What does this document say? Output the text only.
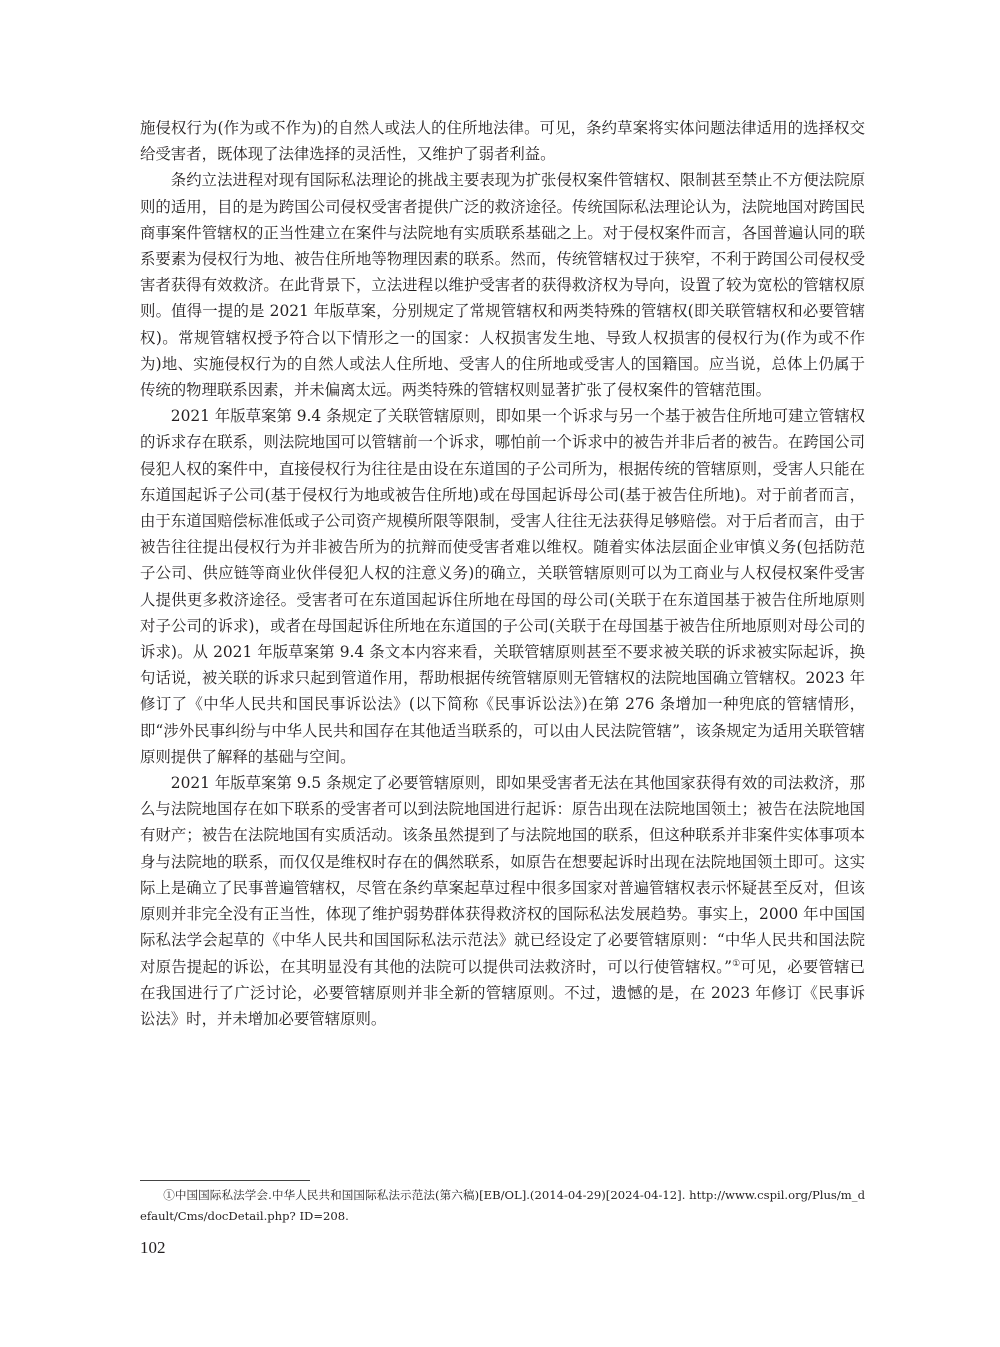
施侵权行为(作为或不作为)的自然人或法人的住所地法律。可见，条约草案将实体问题法律适用的选择权交给受害者，既体现了法律选择的灵活性，又维护了弱者利益。

条约立法进程对现有国际私法理论的挑战主要表现为扩张侵权案件管辖权、限制甚至禁止不方便法院原则的适用，目的是为跨国公司侵权受害者提供广泛的救济途径。传统国际私法理论认为，法院地国对跨国民商事案件管辖权的正当性建立在案件与法院地有实质联系基础之上。对于侵权案件而言，各国普遍认同的联系要素为侵权行为地、被告住所地等物理因素的联系。然而，传统管辖权过于狭窄，不利于跨国公司侵权受害者获得有效救济。在此背景下，立法进程以维护受害者的获得救济权为导向，设置了较为宽松的管辖权原则。值得一提的是 2021 年版草案，分别规定了常规管辖权和两类特殊的管辖权(即关联管辖权和必要管辖权)。常规管辖权授予符合以下情形之一的国家：人权损害发生地、导致人权损害的侵权行为(作为或不作为)地、实施侵权行为的自然人或法人住所地、受害人的住所地或受害人的国籍国。应当说，总体上仍属于传统的物理联系因素，并未偏离太远。两类特殊的管辖权则显著扩张了侵权案件的管辖范围。

2021 年版草案第 9.4 条规定了关联管辖原则，即如果一个诉求与另一个基于被告住所地可建立管辖权的诉求存在联系，则法院地国可以管辖前一个诉求，哪怕前一个诉求中的被告并非后者的被告。在跨国公司侵犯人权的案件中，直接侵权行为往往是由设在东道国的子公司所为，根据传统的管辖原则，受害人只能在东道国起诉子公司(基于侵权行为地或被告住所地)或在母国起诉母公司(基于被告住所地)。对于前者而言，由于东道国赔偿标准低或子公司资产规模所限等限制，受害人往往无法获得足够赔偿。对于后者而言，由于被告往往提出侵权行为并非被告所为的抗辩而使受害者难以维权。随着实体法层面企业审慎义务(包括防范子公司、供应链等商业伙伴侵犯人权的注意义务)的确立，关联管辖原则可以为工商业与人权侵权案件受害人提供更多救济途径。受害者可在东道国起诉住所地在母国的母公司(关联于在东道国基于被告住所地原则对子公司的诉求)，或者在母国起诉住所地在东道国的子公司(关联于在母国基于被告住所地原则对母公司的诉求)。从 2021 年版草案第 9.4 条文本内容来看，关联管辖原则甚至不要求被关联的诉求被实际起诉，换句话说，被关联的诉求只起到管道作用，帮助根据传统管辖原则无管辖权的法院地国确立管辖权。2023 年修订了《中华人民共和国民事诉讼法》(以下简称《民事诉讼法》)在第 276 条增加一种兜底的管辖情形，即“涉外民事纠纷与中华人民共和国存在其他适当联系的，可以由人民法院管辖”，该条规定为适用关联管辖原则提供了解释的基础与空间。

2021 年版草案第 9.5 条规定了必要管辖原则，即如果受害者无法在其他国家获得有效的司法救济，那么与法院地国存在如下联系的受害者可以到法院地国进行起诉：原告出现在法院地国领土；被告在法院地国有财产；被告在法院地国有实质活动。该条虽然提到了与法院地国的联系，但这种联系并非案件实体事项本身与法院地的联系，而仅仅是维权时存在的偶然联系，如原告在想要起诉时出现在法院地国领土即可。这实际上是确立了民事普遍管辖权，尽管在条约草案起草过程中很多国家对普遍管辖权表示怀疑甚至反对，但该原则并非完全没有正当性，体现了维护弱势群体获得救济权的国际私法发展趋势。事实上，2000 年中国国际私法学会起草的《中华人民共和国国际私法示范法》就已经设定了必要管辖原则：“中华人民共和国法院对原告提起的诉讼，在其明显没有其他的法院可以提供司法救济时，可以行使管辖权。”①可见，必要管辖已在我国进行了广泛讨论，必要管辖原则并非全新的管辖原则。不过，遗憾的是，在 2023 年修订《民事诉讼法》时，并未增加必要管辖原则。

①中国国际私法学会.中华人民共和国国际私法示范法(第六稿)[EB/OL].(2014-04-29)[2024-04-12]. http://www.cspil.org/Plus/m_default/Cms/docDetail.php? ID=208.
102
